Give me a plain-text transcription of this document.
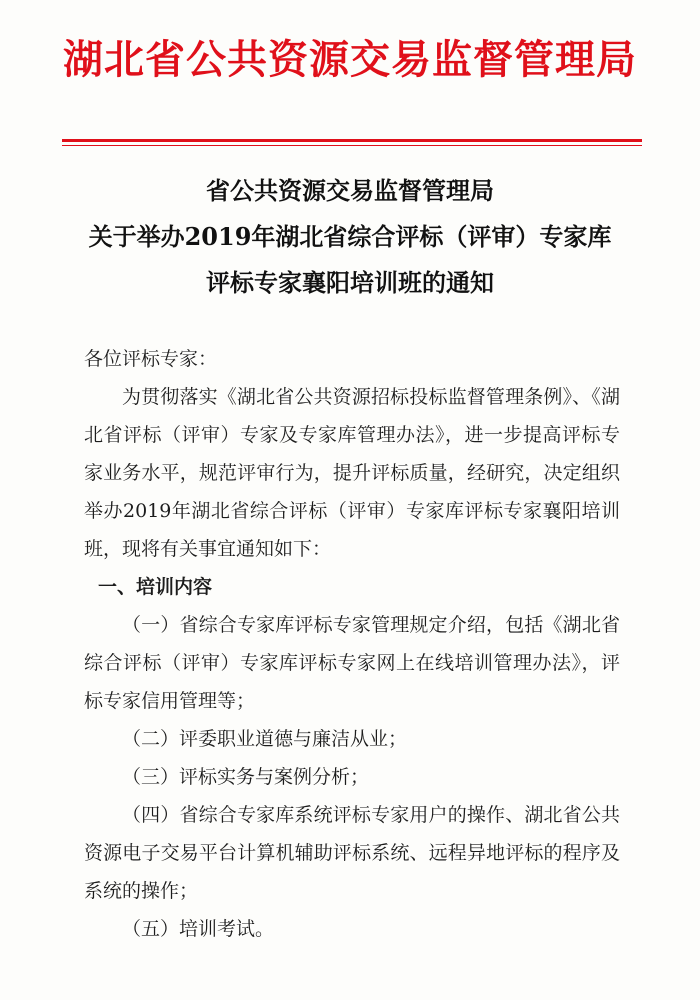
湖北省公共资源交易监督管理局
省公共资源交易监督管理局
关于举办2019年湖北省综合评标（评审）专家库
评标专家襄阳培训班的通知

各位评标专家：

为贯彻落实《湖北省公共资源招标投标监督管理条例》、《湖北省评标（评审）专家及专家库管理办法》，进一步提高评标专家业务水平，规范评审行为，提升评标质量，经研究，决定组织举办2019年湖北省综合评标（评审）专家库评标专家襄阳培训班，现将有关事宜通知如下：

一、培训内容

（一）省综合专家库评标专家管理规定介绍，包括《湖北省综合评标（评审）专家库评标专家网上在线培训管理办法》，评标专家信用管理等；

（二）评委职业道德与廉洁从业；

（三）评标实务与案例分析；

（四）省综合专家库系统评标专家用户的操作、湖北省公共资源电子交易平台计算机辅助评标系统、远程异地评标的程序及系统的操作；

（五）培训考试。
